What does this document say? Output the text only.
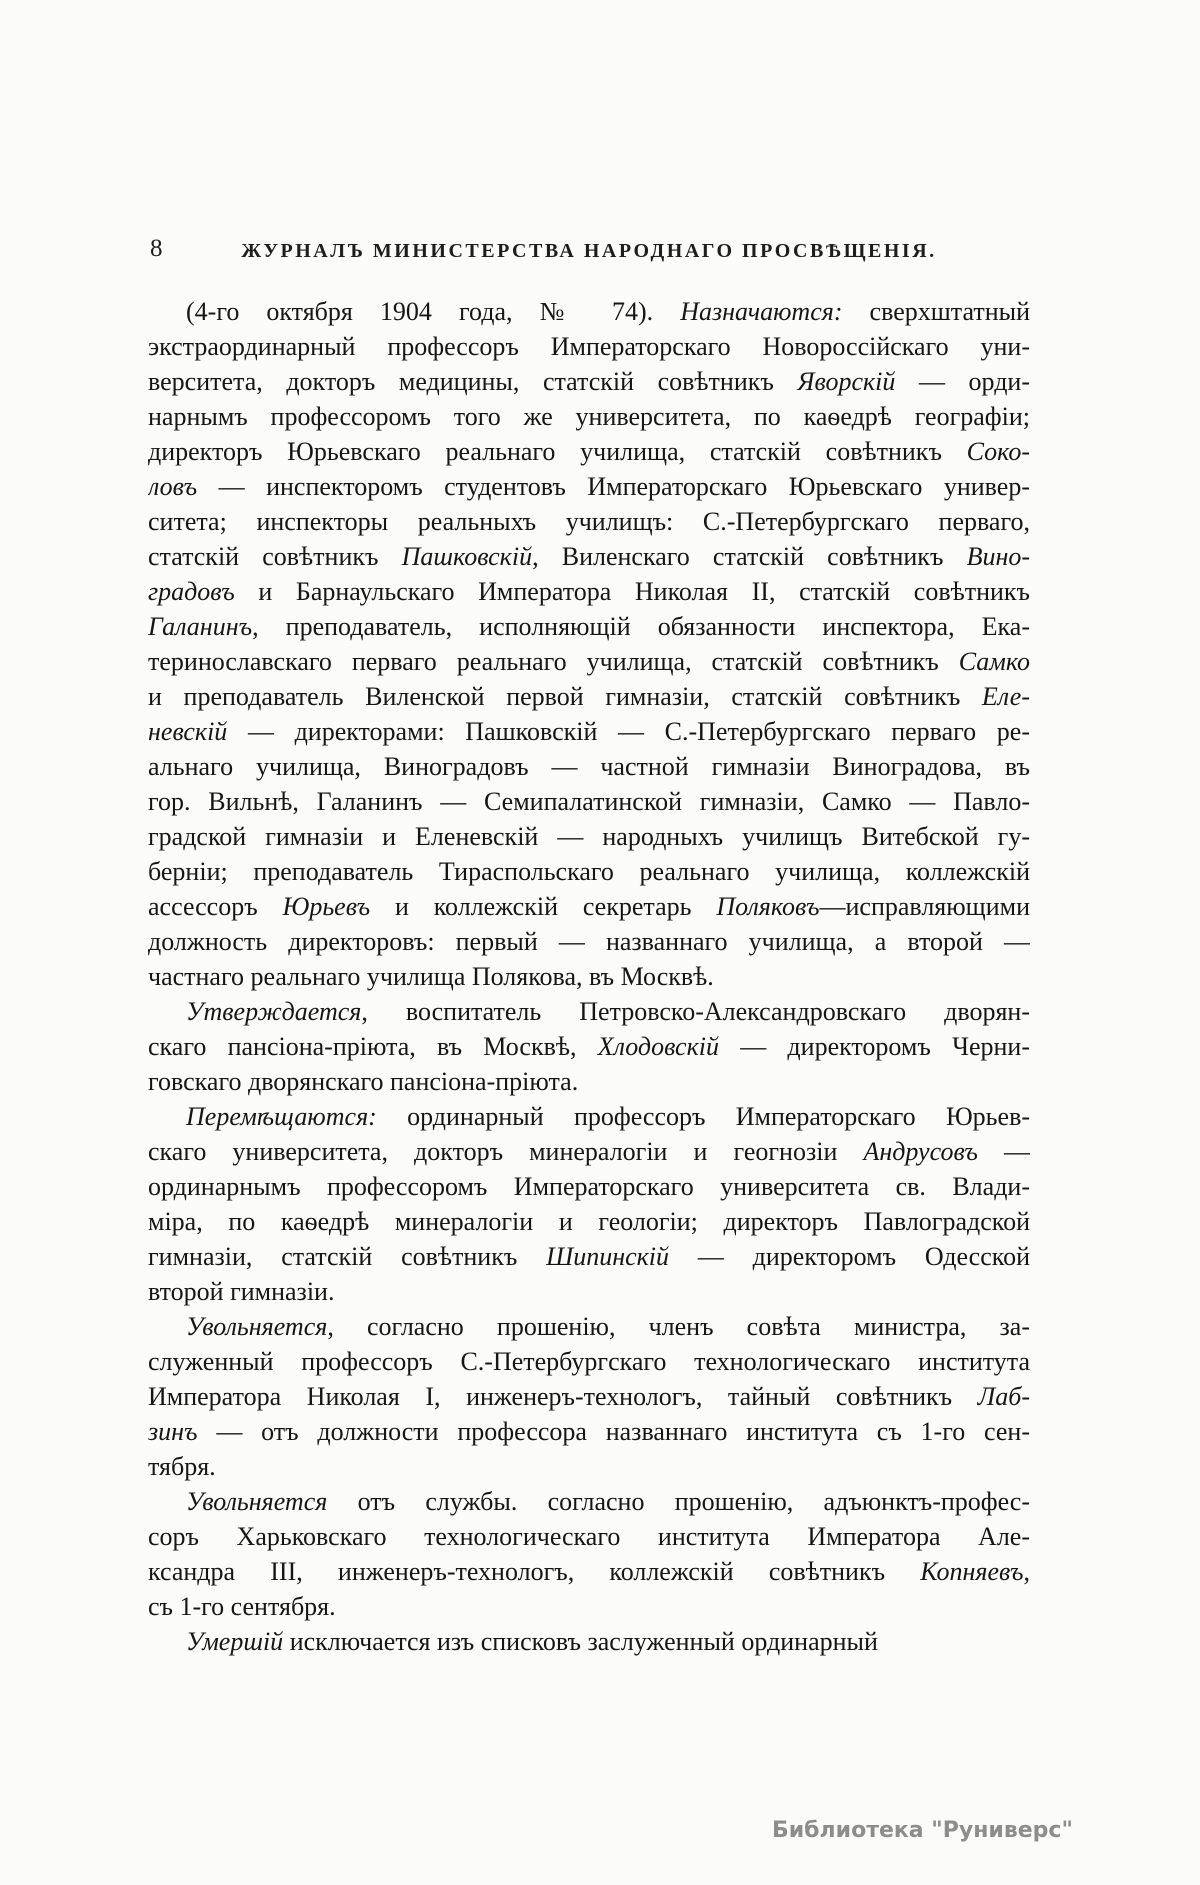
8	ЖУРНАЛЪ МИНИСТЕРСТВА НАРОДНАГО ПРОСВѢЩЕНІЯ.
(4-го октября 1904 года, № 74). Назначаются: сверхштатный
экстраординарный профессоръ Императорскаго Новороссійскаго уни-
верситета, докторъ медицины, статскій совѣтникъ Яворскій — орди-
нарнымъ профессоромъ того же университета, по каѳедрѣ географіи;
директоръ Юрьевскаго реальнаго училища, статскій совѣтникъ Соко-
ловъ — инспекторомъ студентовъ Императорскаго Юрьевскаго универ-
ситета; инспекторы реальныхъ училищъ: С.-Петербургскаго перваго,
статскій совѣтникъ Пашковскій, Виленскаго статскій совѣтникъ Вино-
градовъ и Барнаульскаго Императора Николая II, статскій совѣтникъ
Галанинъ, преподаватель, исполняющій обязанности инспектора, Ека-
теринославскаго перваго реальнаго училища, статскій совѣтникъ Самко
и преподаватель Виленской первой гимназіи, статскій совѣтникъ Еле-
невскій — директорами: Пашковскій — С.-Петербургскаго перваго ре-
альнаго училища, Виноградовъ — частной гимназіи Виноградова, въ
гор. Вильнѣ, Галанинъ — Семипалатинской гимназіи, Самко — Павло-
градской гимназіи и Еленевскій — народныхъ училищъ Витебской гу-
берніи; преподаватель Тираспольскаго реальнаго училища, коллежскій
ассессоръ Юрьевъ и коллежскій секретарь Поляковъ—исправляющими
должность директоровъ: первый — названнаго училища, а второй —
частнаго реальнаго училища Полякова, въ Москвѣ.
Утверждается, воспитатель Петровско-Александровскаго дворян-
скаго пансіона-пріюта, въ Москвѣ, Хлодовскій — директоромъ Черни-
говскаго дворянскаго пансіона-пріюта.
Перемѣщаются: ординарный профессоръ Императорскаго Юрьев-
скаго университета, докторъ минералогіи и геогнозіи Андрусовъ —
ординарнымъ профессоромъ Императорскаго университета св. Влади-
міра, по каѳедрѣ минералогіи и геологіи; директоръ Павлоградской
гимназіи, статскій совѣтникъ Шипинскій — директоромъ Одесской
второй гимназіи.
Увольняется, согласно прошенію, членъ совѣта министра, за-
служенный профессоръ С.-Петербургскаго технологическаго института
Императора Николая I, инженеръ-технологъ, тайный совѣтникъ Лаб-
зинъ — отъ должности профессора названнаго института съ 1-го сен-
тября.
Увольняется отъ службы. согласно прошенію, адъюнктъ-профес-
соръ Харьковскаго технологическаго института Императора Але-
ксандра III, инженеръ-технологъ, коллежскій совѣтникъ Копняевъ,
съ 1-го сентября.
Умершій исключается изъ списковъ заслуженный ординарный
Библиотека "Руниверс"
